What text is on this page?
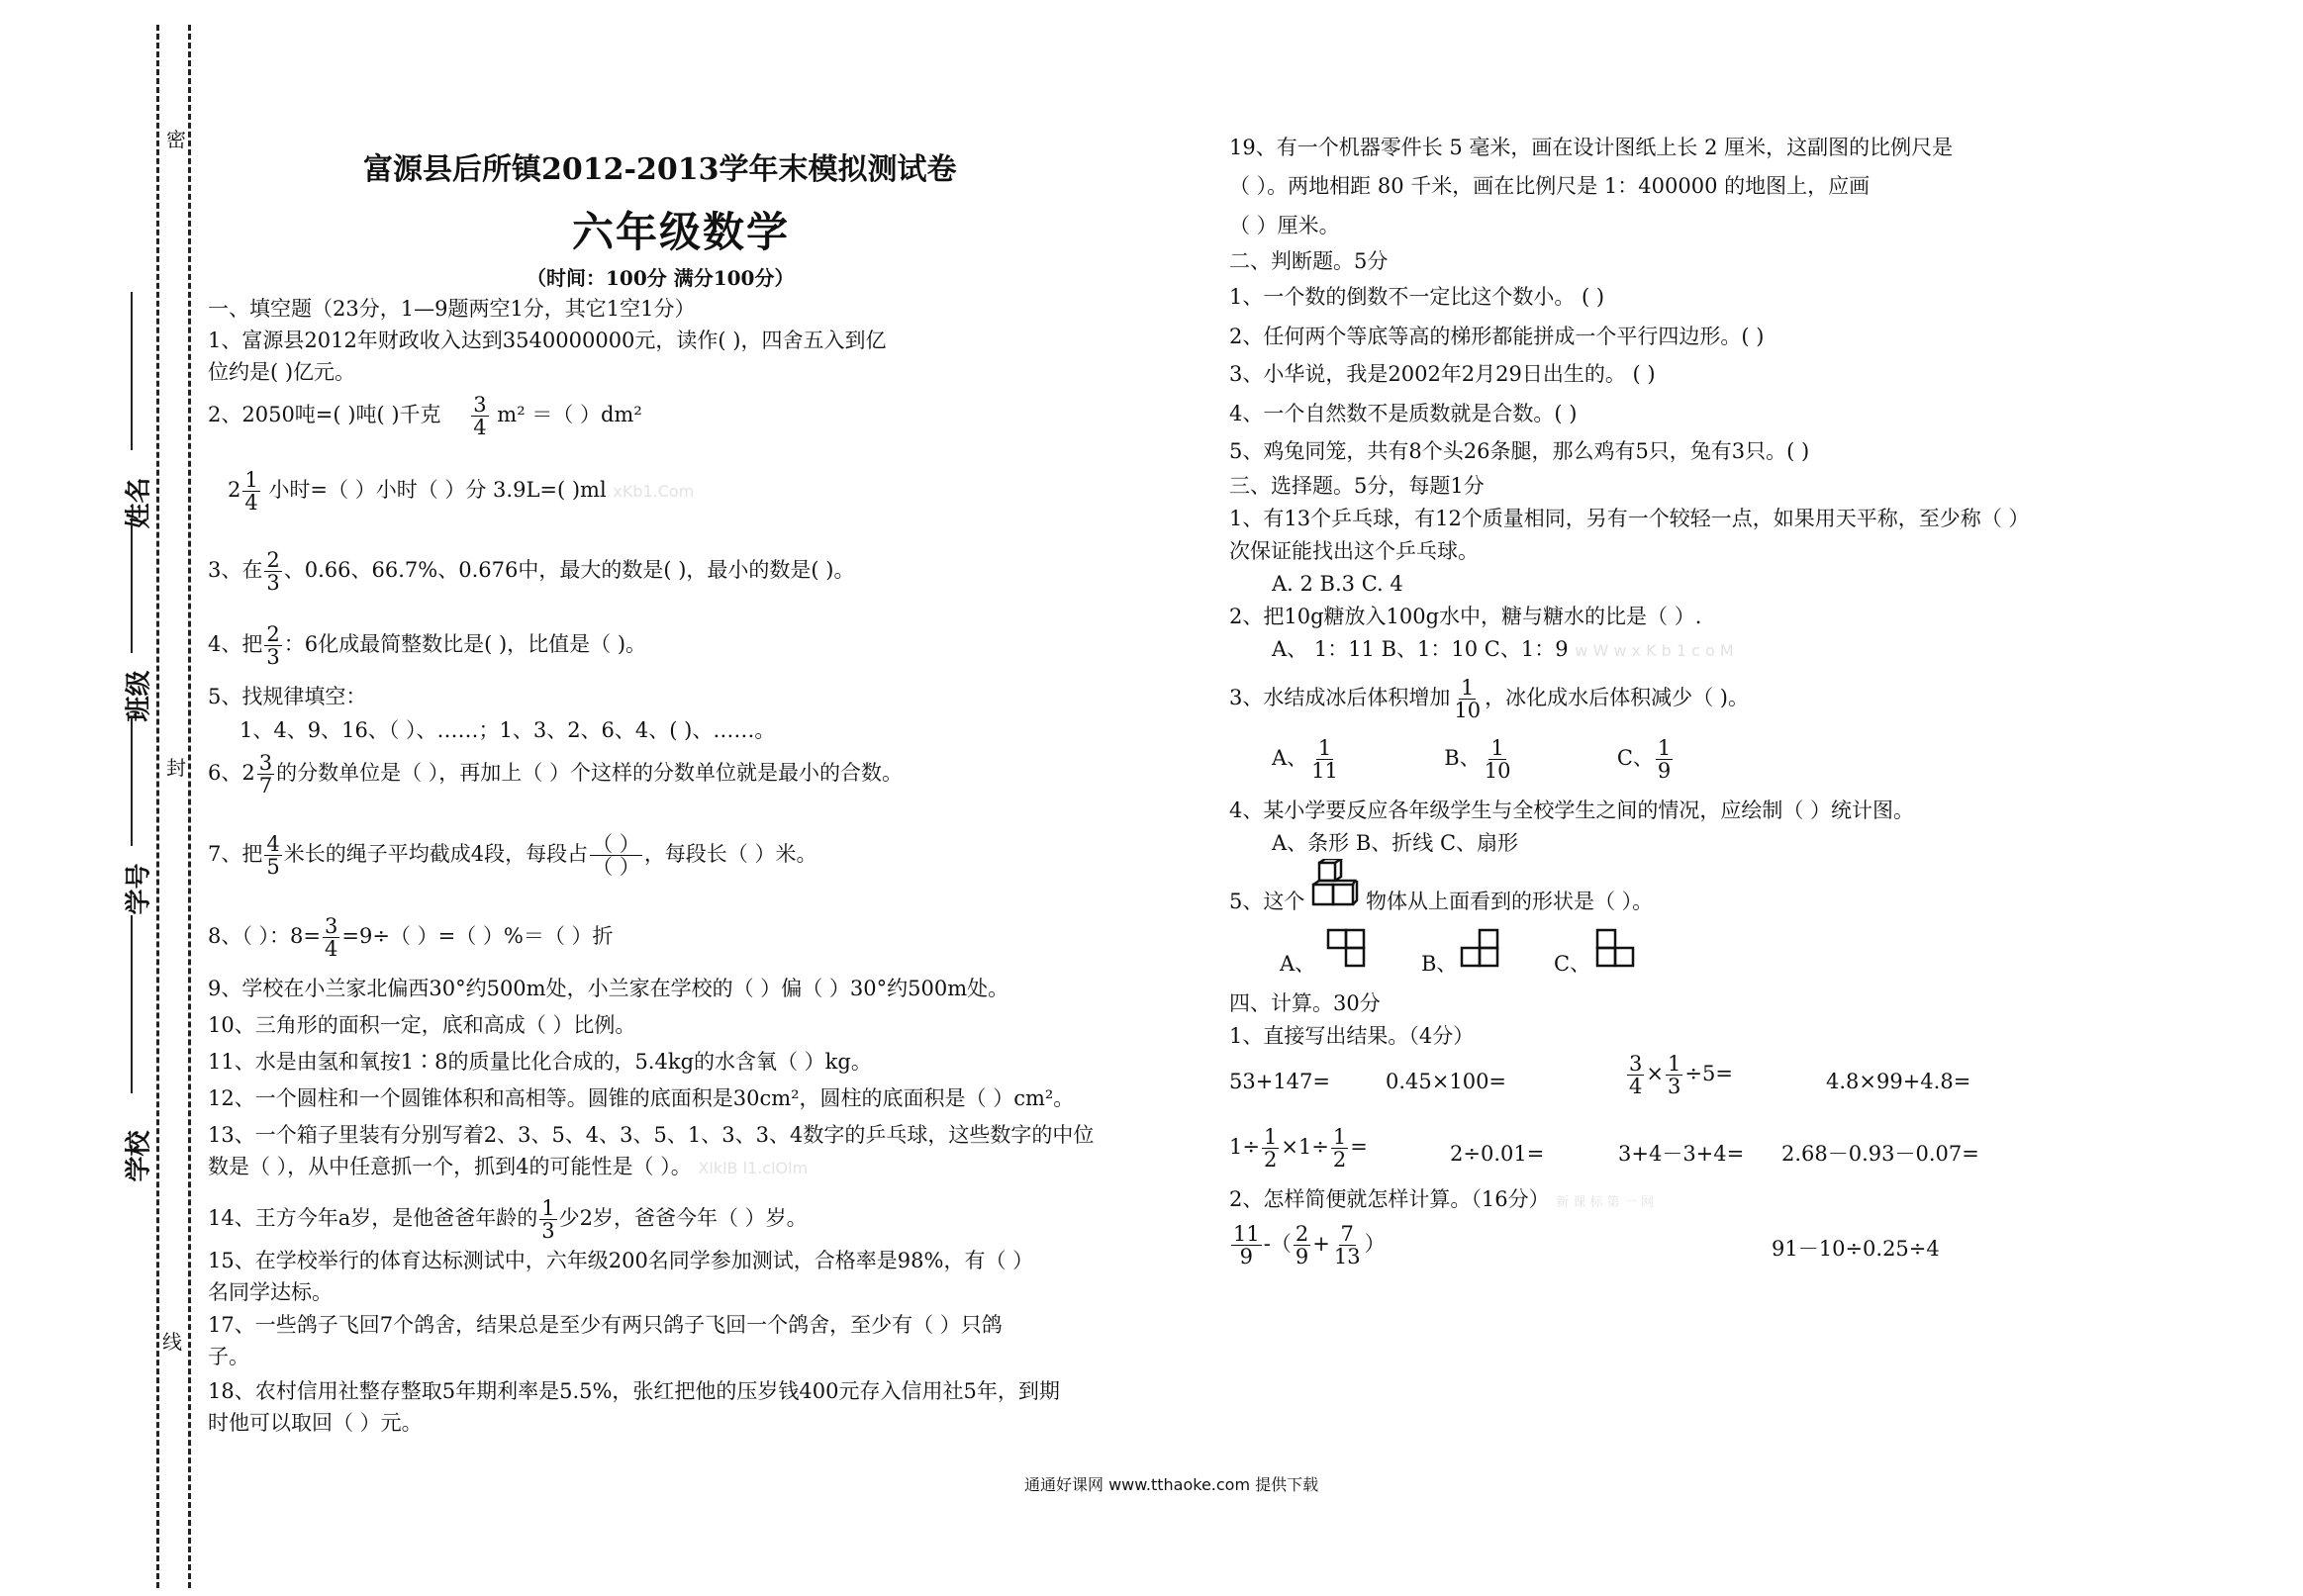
密
封
线
姓名
班级
学号
学校
富源县后所镇2012-2013学年末模拟测试卷
六年级数学
（时间：100分 满分100分）
一、填空题（23分，1—9题两空1分，其它1空1分）
1、富源县2012年财政收入达到3540000000元，读作( )，四舍五入到亿
位约是( )亿元。
2、2050吨=( )吨( )千克 $\frac{3}{4} m^2$ ＝（ ）dm²
$2 \frac{1}{4}$ 小时=（ ）小时（ ）分 3.9L=( )ml xKb1.Com
3、在 $\frac{2}{3}$ 、0.66、66.7%、0.676中，最大的数是( )，最小的数是( )。
4、把 $\frac{2}{3}$ ：6化成最简整数比是( )，比值是（ )。
5、找规律填空：
1、4、9、16、（ ）、……；1、3、2、6、4、( )、……。
6、$2 \frac{3}{7}$ 的分数单位是（ ），再加上（ ）个这样的分数单位就是最小的合数。
7、把 $\frac{4}{5}$ 米长的绳子平均截成4段，每段占 $\frac{( )}{( )}$ ，每段长（ ）米。
8、（ ）：$8= \frac{3}{4} =9\div$（ ）=（ ）%＝（ ）折
9、学校在小兰家北偏西30°约500m处，小兰家在学校的（ ）偏（ ）30°约500m处。
10、三角形的面积一定，底和高成（ ）比例。
11、水是由氢和氧按1∶8的质量比化合成的，5.4kg的水含氧（ ）kg。
12、一个圆柱和一个圆锥体积和高相等。圆锥的底面积是30cm²，圆柱的底面积是（ ）cm²。
13、一个箱子里装有分别写着2、3、5、4、3、5、1、3、3、4数字的乒乓球，这些数字的中位
数是（ ），从中任意抓一个，抓到4的可能性是（ ）。 XlklB l1.clOlm
14、王方今年a岁，是他爸爸年龄的 $\frac{1}{3}$ 少2岁，爸爸今年（ ）岁。
15、在学校举行的体育达标测试中，六年级200名同学参加测试，合格率是98%，有（ ）
名同学达标。
17、一些鸽子飞回7个鸽舍，结果总是至少有两只鸽子飞回一个鸽舍，至少有（ ）只鸽
子。
18、农村信用社整存整取5年期利率是5.5%，张红把他的压岁钱400元存入信用社5年，到期
时他可以取回（ ）元。
19、有一个机器零件长 5 毫米，画在设计图纸上长 2 厘米，这副图的比例尺是
（ ）。两地相距 80 千米，画在比例尺是 1：400000 的地图上，应画
（ ）厘米。
二、判断题。5分
1、一个数的倒数不一定比这个数小。 ( )
2、任何两个等底等高的梯形都能拼成一个平行四边形。( )
3、小华说，我是2002年2月29日出生的。 ( )
4、一个自然数不是质数就是合数。( )
5、鸡兔同笼，共有8个头26条腿，那么鸡有5只，兔有3只。( )
三、选择题。5分，每题1分
1、有13个乒乓球，有12个质量相同，另有一个较轻一点，如果用天平称，至少称（ ）
次保证能找出这个乒乓球。
A. 2 B.3 C. 4
2、把10g糖放入100g水中，糖与糖水的比是（ ）.
A、 1：11 B、1：10 C、1：9 w W w x K b 1 c o M
3、水结成冰后体积增加 $\frac{1}{10}$ ，冰化成水后体积减少（ )。
A、 $\frac{1}{11}$	B、 $\frac{1}{10}$	C、 $\frac{1}{9}$
4、某小学要反应各年级学生与全校学生之间的情况，应绘制（ ）统计图。
A、条形 B、折线 C、扇形
5、这个	物体从上面看到的形状是（ ）。
A、	B、	C、
四、计算。30分
1、直接写出结果。（4分）
53+147=	0.45×100=	$\frac{3}{4} \times \frac{1}{3} \div 5=$	4.8×99+4.8=
$1\div \frac{1}{2} \times 1\div \frac{1}{2}$ =	2÷0.01=	3+4－3+4= 2.68－0.93－0.07=
2、怎样简便就怎样计算。（16分） 新 课 标 第 一 网
$\frac{11}{9}$ -（ $\frac{2}{9} + \frac{7}{13}$ ）	91－10÷0.25÷4
通通好课网 www.tthaoke.com 提供下载
